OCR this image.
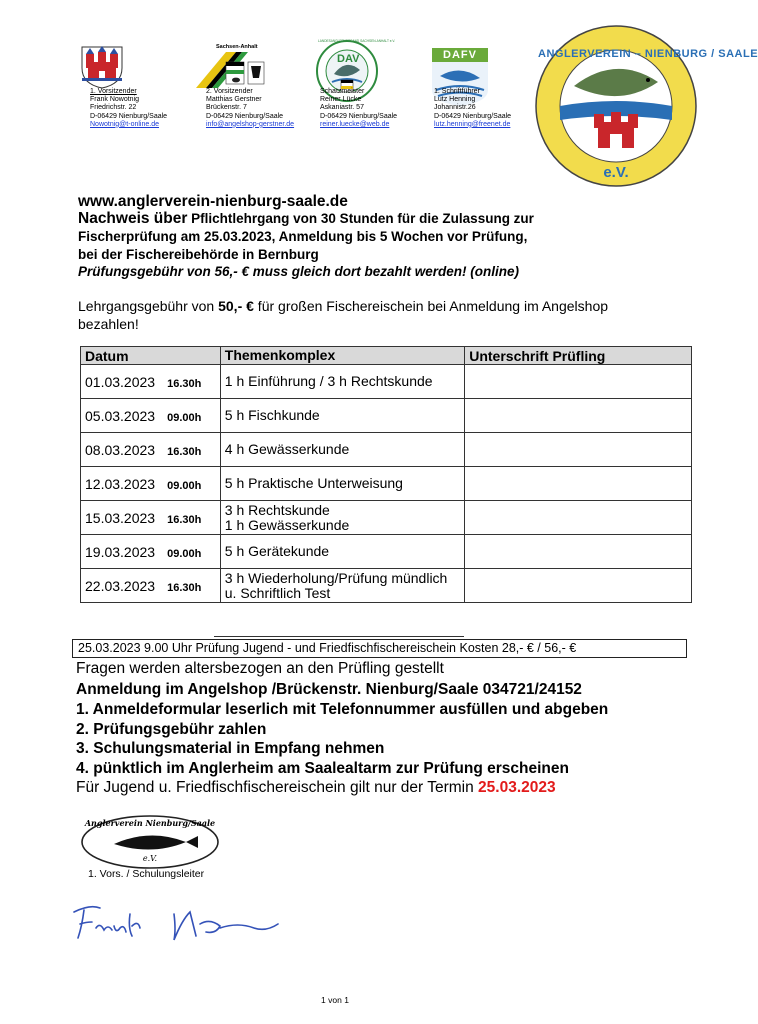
Sachsen-Anhalt
DAV
LANDESANGLERVERBAND SACHSEN-ANHALT e.V.
DAFV	ANGLERVEREIN – NIENBURG / SAALE
e.V.
1. Vorsitzender
Frank Nowotnig
Friedrichstr. 22
D-06429 Nienburg/Saale
Nowotnig@t-online.de
2. Vorsitzender
Matthias Gerstner
Brückenstr. 7
D-06429 Nienburg/Saale
info@angelshop-gerstner.de
Schatzmeister
Reiner Lücke
Askaniastr. 57
D-06429 Nienburg/Saale
reiner.luecke@web.de
1. Schriftführer
Lutz Henning
Johannistr.26
D-06429 Nienburg/Saale
lutz.henning@freenet.de
www.anglerverein-nienburg-saale.de
Nachweis über Pflichtlehrgang von 30 Stunden für die Zulassung zur
Fischerprüfung am 25.03.2023, Anmeldung bis 5 Wochen vor Prüfung,
bei der Fischereibehörde in Bernburg
Prüfungsgebühr von 56,- € muss gleich dort bezahlt werden! (online)
Lehrgangsgebühr von 50,- € für großen Fischereischein bei Anmeldung im Angelshop
bezahlen!
Datum	Themenkomplex	Unterschrift Prüfling
01.03.2023 16.30h	1 h Einführung / 3 h Rechtskunde	

05.03.2023 09.00h	5 h Fischkunde	

08.03.2023 16.30h	4 h Gewässerkunde	

12.03.2023 09.00h	5 h Praktische Unterweisung	

15.03.2023 16.30h	3 h Rechtskunde
1 h Gewässerkunde	

19.03.2023 09.00h	5 h Gerätekunde	

22.03.2023 16.30h	3 h Wiederholung/Prüfung mündlich
u. Schriftlich Test	

25.03.2023 9.00 Uhr Prüfung Jugend - und Friedfischfischereischein Kosten 28,- € / 56,- €
Fragen werden altersbezogen an den Prüfling gestellt
Anmeldung im Angelshop /Brückenstr. Nienburg/Saale 034721/24152
1. Anmeldeformular leserlich mit Telefonnummer ausfüllen und abgeben
2. Prüfungsgebühr zahlen
3. Schulungsmaterial in Empfang nehmen
4. pünktlich im Anglerheim am Saalealtarm zur Prüfung erscheinen
Für Jugend u. Friedfischfischereischein gilt nur der Termin 25.03.2023
Anglerverein Nienburg/Saale
e.V.
1. Vors. / Schulungsleiter
1 von 1
